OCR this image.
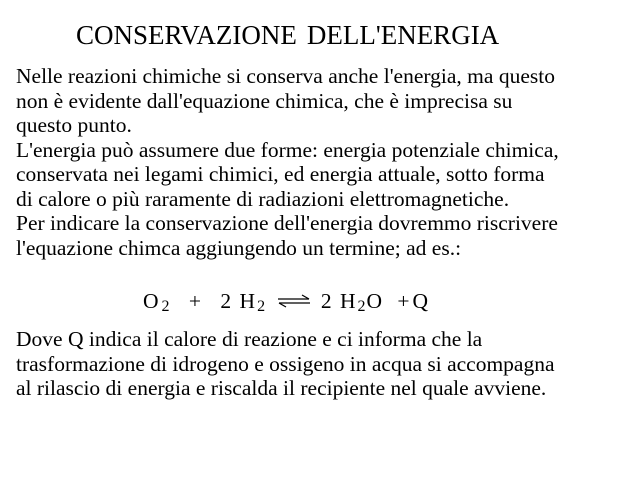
CONSERVAZIONE DELL'ENERGIA
Nelle reazioni chimiche si conserva anche l'energia, ma questo
non è evidente dall'equazione chimica, che è imprecisa su
questo punto.
L'energia può assumere due forme: energia potenziale chimica,
conservata nei legami chimici, ed energia attuale, sotto forma
di calore o più raramente di radiazioni elettromagnetiche.
Per indicare la conservazione dell'energia dovremmo riscrivere
l'equazione chimca aggiungendo un termine; ad es.:
O 2 + 2 H 2 ⇌ 2 H 2O + Q
Dove Q indica il calore di reazione e ci informa che la
trasformazione di idrogeno e ossigeno in acqua si accompagna
al rilascio di energia e riscalda il recipiente nel quale avviene.
